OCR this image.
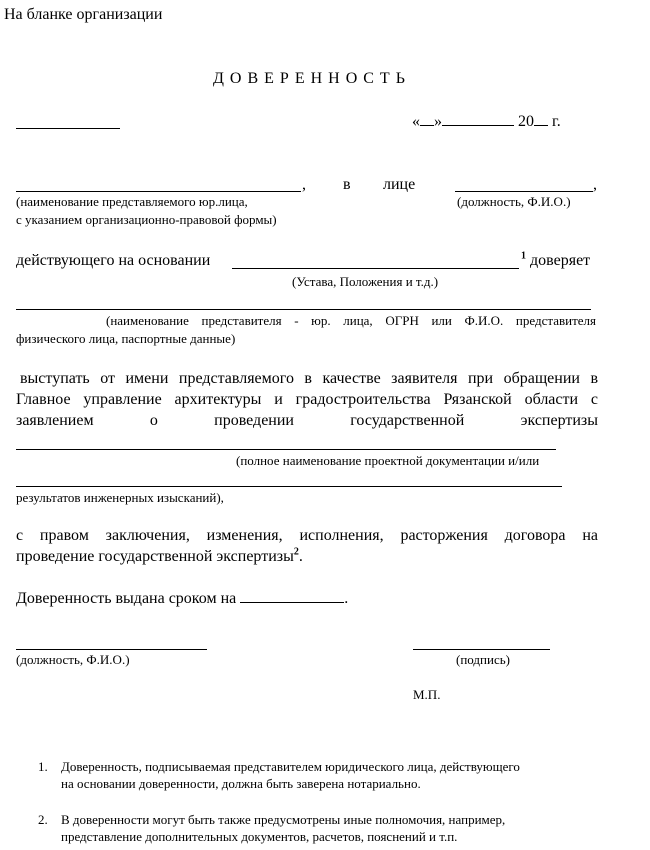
На бланке организации
Д О В Е Р Е Н Н О С Т Ь
« »	20 г.
, в лице	,
(наименование представляемого юр.лица,
с указанием организационно-правовой формы)
(должность, Ф.И.О.)
действующего на основании	$^1$ доверяет
(Устава, Положения и т.д.)
(наименование представителя - юр. лица, ОГРН или Ф.И.О. представителя
физического лица, паспортные данные)
выступать от имени представляемого в качестве заявителя при обращении в
Главное управление архитектуры и градостроительства Рязанской области с
заявлением о проведении государственной экспертизы
(полное наименование проектной документации и/или
результатов инженерных изысканий),
с правом заключения, изменения, исполнения, расторжения договора на
проведение государственной экспертизы$^2$.
Доверенность выдана сроком на	.
(должность, Ф.И.О.)	(подпись)
М.П.
1. Доверенность, подписываемая представителем юридического лица, действующего
на основании доверенности, должна быть заверена нотариально.
2. В доверенности могут быть также предусмотрены иные полномочия, например,
представление дополнительных документов, расчетов, пояснений и т.п.
